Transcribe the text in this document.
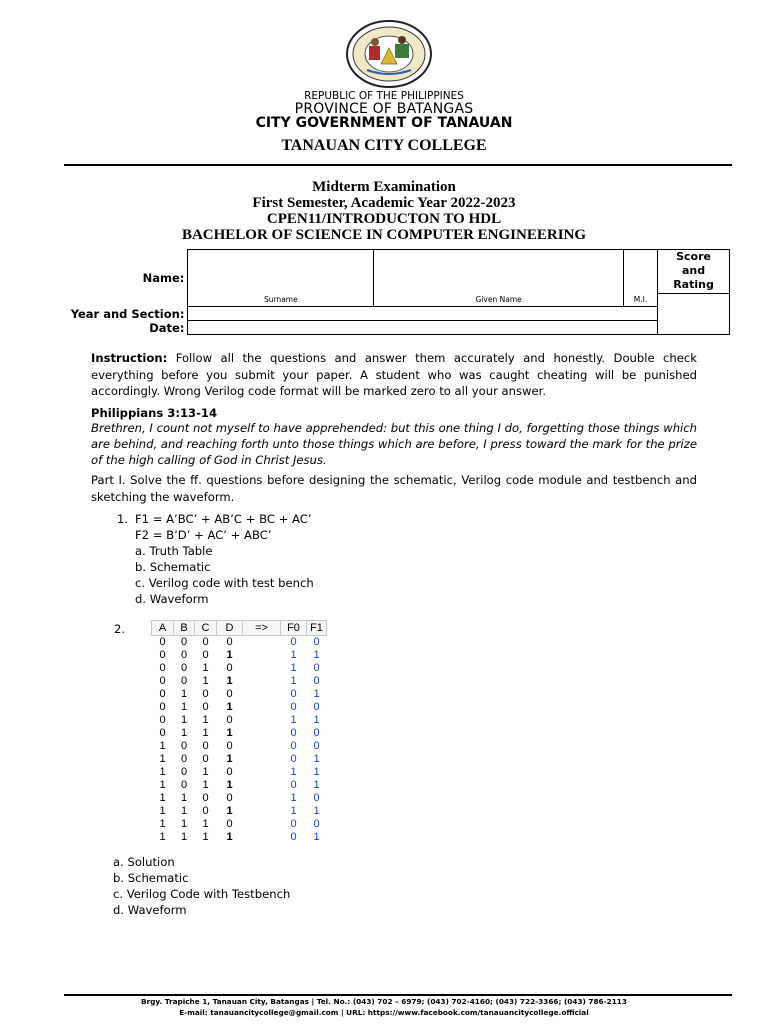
REPUBLIC OF THE PHILIPPINES
PROVINCE OF BATANGAS
CITY GOVERNMENT OF TANAUAN
TANAUAN CITY COLLEGE
Midterm Examination
First Semester, Academic Year 2022-2023
CPEN11/INTRODUCTON TO HDL
BACHELOR OF SCIENCE IN COMPUTER ENGINEERING
Name:	Surname	Given Name	M.I.	Score
and
Rating

Year and Section:				
Date:				
Instruction: Follow all the questions and answer them accurately and honestly. Double check everything before you submit your paper. A student who was caught cheating will be punished accordingly. Wrong Verilog code format will be marked zero to all your answer.
Philippians 3:13-14
Brethren, I count not myself to have apprehended: but this one thing I do, forgetting those things which are behind, and reaching forth unto those things which are before, I press toward the mark for the prize of the high calling of God in Christ Jesus.
Part I. Solve the ff. questions before designing the schematic, Verilog code module and testbench and sketching the waveform.
1. F1 = A’BC’ + AB’C + BC + AC’
F2 = B’D’ + AC’ + ABC’
a. Truth Table
b. Schematic
c. Verilog code with test bench
d. Waveform
2.	A	B	C	D	=>	F0	F1
0	0	0	0		0	0
0	0	0	1		1	1
0	0	1	0		1	0
0	0	1	1		1	0
0	1	0	0		0	1
0	1	0	1		0	0
0	1	1	0		1	1
0	1	1	1		0	0
1	0	0	0		0	0
1	0	0	1		0	1
1	0	1	0		1	1
1	0	1	1		0	1
1	1	0	0		1	0
1	1	0	1		1	1
1	1	1	0		0	0
1	1	1	1		0	1
a. Solution
b. Schematic
c. Verilog Code with Testbench
d. Waveform
Brgy. Trapiche 1, Tanauan City, Batangas | Tel. No.: (043) 702 – 6979; (043) 702-4160; (043) 722-3366; (043) 786-2113
E-mail: tanauancitycollege@gmail.com | URL: https://www.facebook.com/tanauancitycollege.official
